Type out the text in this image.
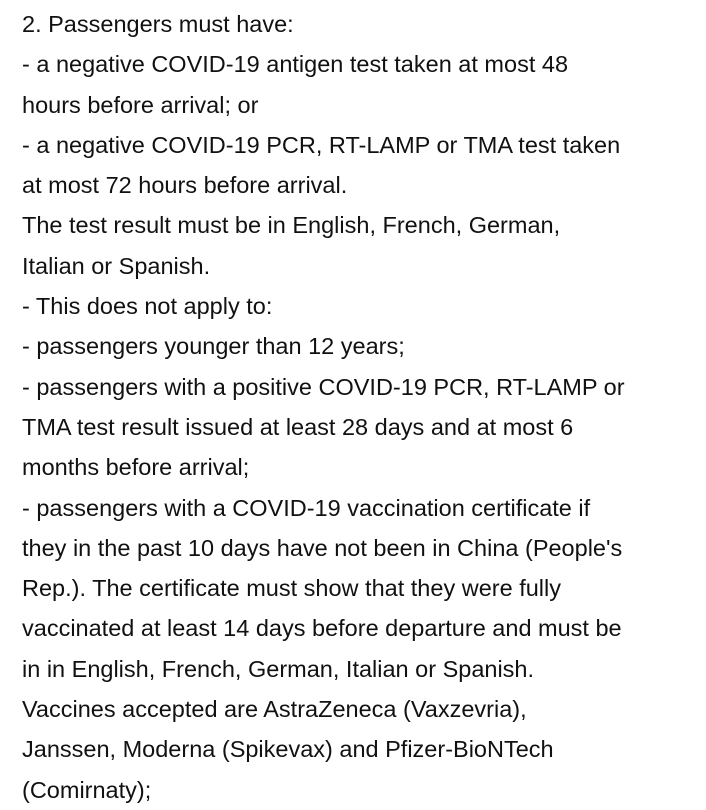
2. Passengers must have:
- a negative COVID-19 antigen test taken at most 48
hours before arrival; or
- a negative COVID-19 PCR, RT-LAMP or TMA test taken
at most 72 hours before arrival.
The test result must be in English, French, German,
Italian or Spanish.
- This does not apply to:
- passengers younger than 12 years;
- passengers with a positive COVID-19 PCR, RT-LAMP or
TMA test result issued at least 28 days and at most 6
months before arrival;
- passengers with a COVID-19 vaccination certificate if
they in the past 10 days have not been in China (People's
Rep.). The certificate must show that they were fully
vaccinated at least 14 days before departure and must be
in in English, French, German, Italian or Spanish.
Vaccines accepted are AstraZeneca (Vaxzevria),
Janssen, Moderna (Spikevax) and Pfizer-BioNTech
(Comirnaty);
